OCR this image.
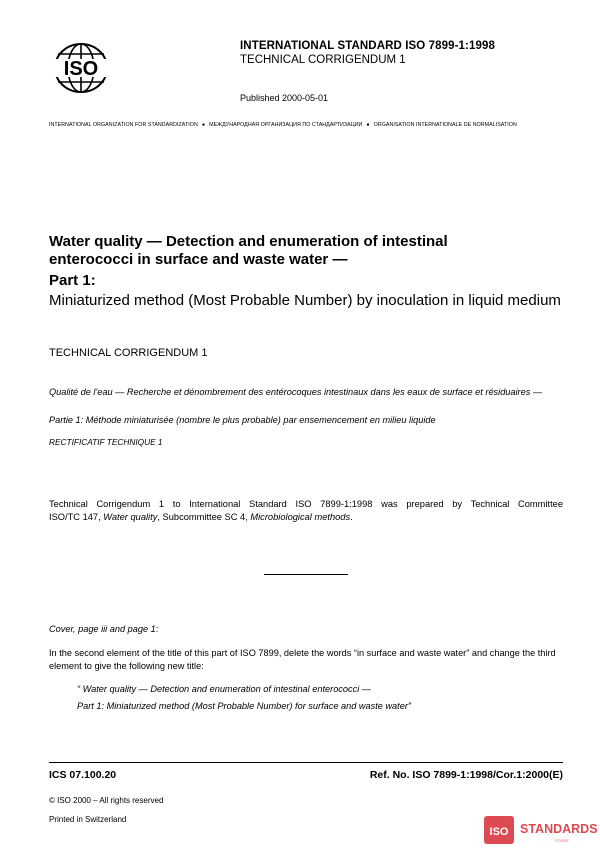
ISO
INTERNATIONAL STANDARD ISO 7899-1:1998
TECHNICAL CORRIGENDUM 1
Published 2000-05-01
INTERNATIONAL ORGANIZATION FOR STANDARDIZATION ● МЕЖДУНАРОДНАЯ ОРГАНИЗАЦИЯ ПО СТАНДАРТИЗАЦИИ ● ORGANISATION INTERNATIONALE DE NORMALISATION
Water quality — Detection and enumeration of intestinal enterococci in surface and waste water —
Part 1:
Miniaturized method (Most Probable Number) by inoculation in liquid medium
TECHNICAL CORRIGENDUM 1
Qualité de l'eau — Recherche et dénombrement des entérocoques intestinaux dans les eaux de surface et résiduaires —
Partie 1: Méthode miniaturisée (nombre le plus probable) par ensemencement en milieu liquide
RECTIFICATIF TECHNIQUE 1
Technical Corrigendum 1 to International Standard ISO 7899-1:1998 was prepared by Technical Committee
ISO/TC 147, Water quality, Subcommittee SC 4, Microbiological methods.
Cover, page iii and page 1:
In the second element of the title of this part of ISO 7899, delete the words “in surface and waste water” and change the third element to give the following new title:
“ Water quality — Detection and enumeration of intestinal enterococci —
Part 1: Miniaturized method (Most Probable Number) for surface and waste water”
ICS 07.100.20	Ref. No. ISO 7899-1:1998/Cor.1:2000(E)
© ISO 2000 – All rights reserved
Printed in Switzerland
ISO STANDARDS
STORE
